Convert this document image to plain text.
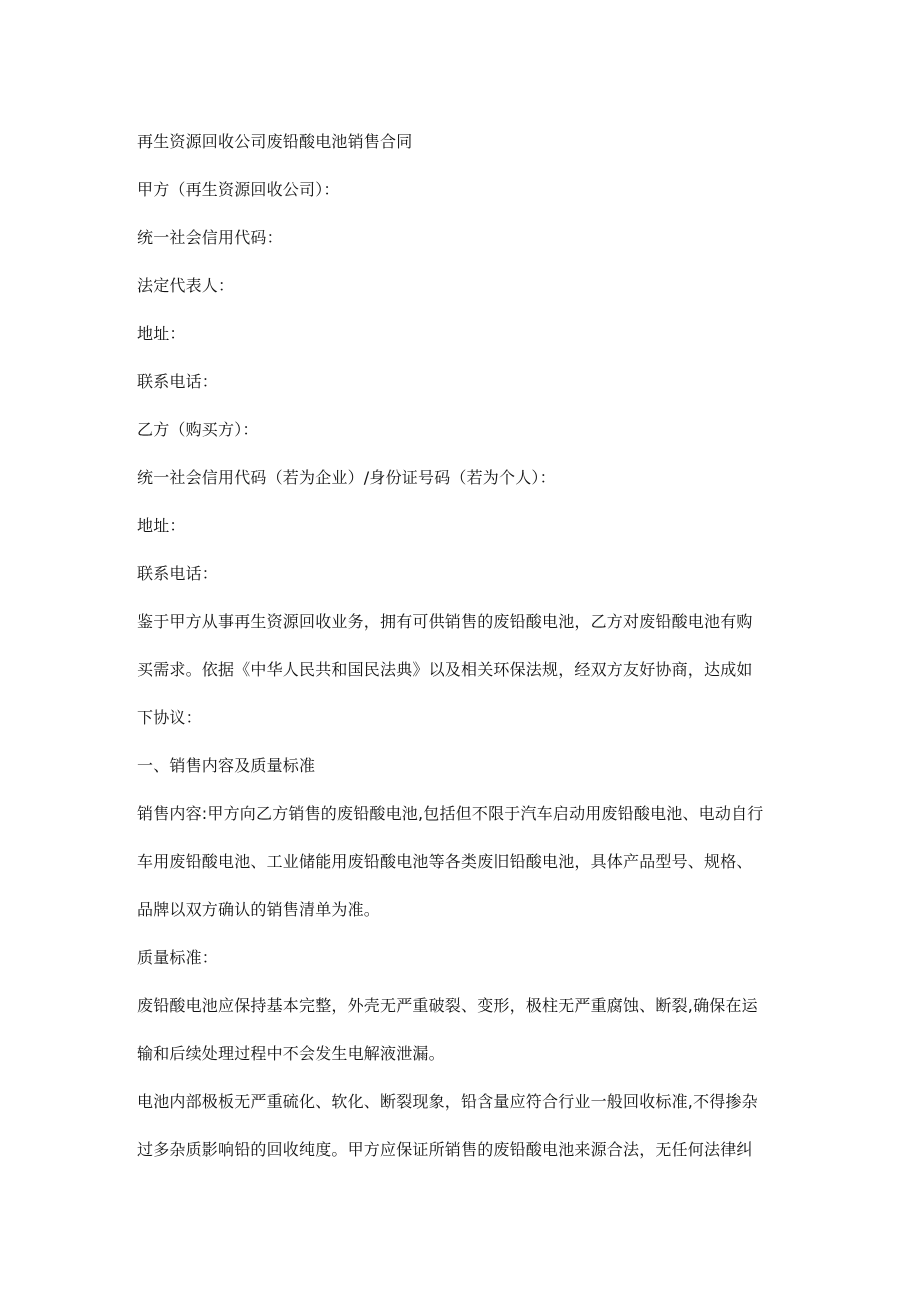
再生资源回收公司废铅酸电池销售合同
甲方（再生资源回收公司）：
统一社会信用代码：
法定代表人：
地址：
联系电话：
乙方（购买方）：
统一社会信用代码（若为企业）/身份证号码（若为个人）：
地址：
联系电话：
鉴于甲方从事再生资源回收业务，拥有可供销售的废铅酸电池，乙方对废铅酸电池有购
买需求。依据《中华人民共和国民法典》以及相关环保法规，经双方友好协商，达成如
下协议：
一、销售内容及质量标准
销售内容:甲方向乙方销售的废铅酸电池,包括但不限于汽车启动用废铅酸电池、电动自行
车用废铅酸电池、工业储能用废铅酸电池等各类废旧铅酸电池，具体产品型号、规格、
品牌以双方确认的销售清单为准。
质量标准：
废铅酸电池应保持基本完整，外壳无严重破裂、变形，极柱无严重腐蚀、断裂,确保在运
输和后续处理过程中不会发生电解液泄漏。
电池内部极板无严重硫化、软化、断裂现象，铅含量应符合行业一般回收标准,不得掺杂
过多杂质影响铅的回收纯度。甲方应保证所销售的废铅酸电池来源合法，无任何法律纠
